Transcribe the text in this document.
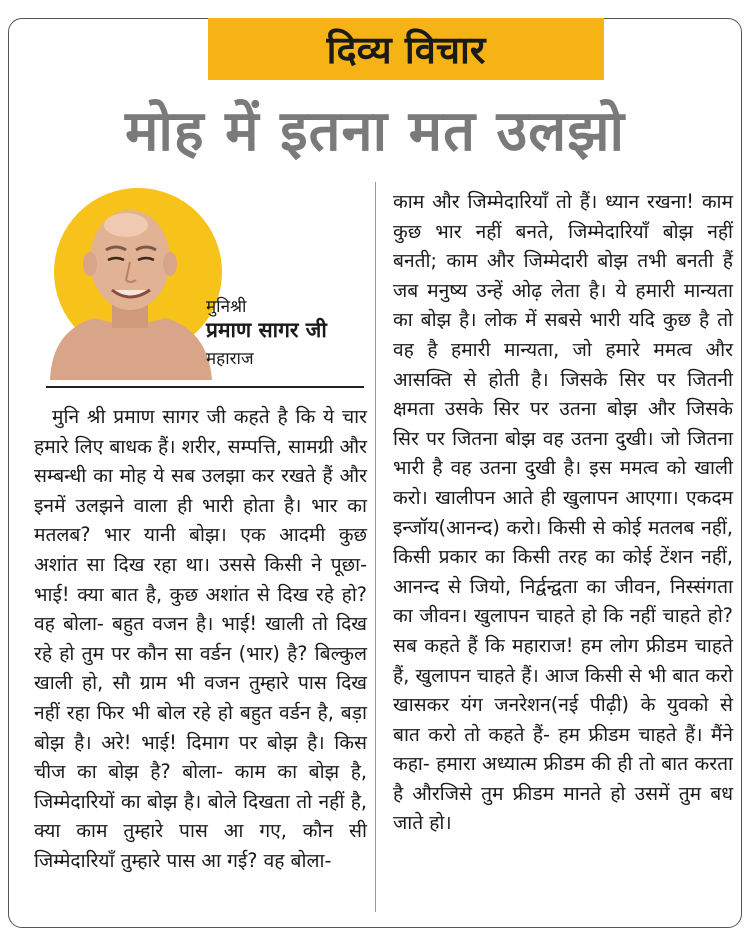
दिव्य विचार
मोह में इतना मत उलझो
मुनिश्री
प्रमाण सागर जी
महाराज
मुनि श्री प्रमाण सागर जी कहते है कि ये चार हमारे लिए बाधक हैं। शरीर, सम्पत्ति, सामग्री और सम्बन्धी का मोह ये सब उलझा कर रखते हैं और इनमें उलझने वाला ही भारी होता है। भार का मतलब? भार यानी बोझ। एक आदमी कुछ अशांत सा दिख रहा था। उससे किसी ने पूछा- भाई! क्या बात है, कुछ अशांत से दिख रहे हो? वह बोला- बहुत वजन है। भाई! खाली तो दिख रहे हो तुम पर कौन सा वर्डन (भार) है? बिल्कुल खाली हो, सौ ग्राम भी वजन तुम्हारे पास दिख नहीं रहा फिर भी बोल रहे हो बहुत वर्डन है, बड़ा बोझ है। अरे! भाई! दिमाग पर बोझ है। किस चीज का बोझ है? बोला- काम का बोझ है, जिम्मेदारियों का बोझ है। बोले दिखता तो नहीं है, क्या काम तुम्हारे पास आ गए, कौन सी जिम्मेदारियाँ तुम्हारे पास आ गई? वह बोला-
काम और जिम्मेदारियाँ तो हैं। ध्यान रखना! काम कुछ भार नहीं बनते, जिम्मेदारियाँ बोझ नहीं बनती; काम और जिम्मेदारी बोझ तभी बनती हैं जब मनुष्य उन्हें ओढ़ लेता है। ये हमारी मान्यता का बोझ है। लोक में सबसे भारी यदि कुछ है तो वह है हमारी मान्यता, जो हमारे ममत्व और आसक्ति से होती है। जिसके सिर पर जितनी क्षमता उसके सिर पर उतना बोझ और जिसके सिर पर जितना बोझ वह उतना दुखी। जो जितना भारी है वह उतना दुखी है। इस ममत्व को खाली करो। खालीपन आते ही खुलापन आएगा। एकदम इन्जॉय(आनन्द) करो। किसी से कोई मतलब नहीं, किसी प्रकार का किसी तरह का कोई टेंशन नहीं, आनन्द से जियो, निर्द्वन्द्वता का जीवन, निस्संगता का जीवन। खुलापन चाहते हो कि नहीं चाहते हो? सब कहते हैं कि महाराज! हम लोग फ्रीडम चाहते हैं, खुलापन चाहते हैं। आज किसी से भी बात करो खासकर यंग जनरेशन(नई पीढ़ी) के युवको से बात करो तो कहते हैं- हम फ्रीडम चाहते हैं। मैंने कहा- हमारा अध्यात्म फ्रीडम की ही तो बात करता है औरजिसे तुम फ्रीडम मानते हो उसमें तुम बध जाते हो।
